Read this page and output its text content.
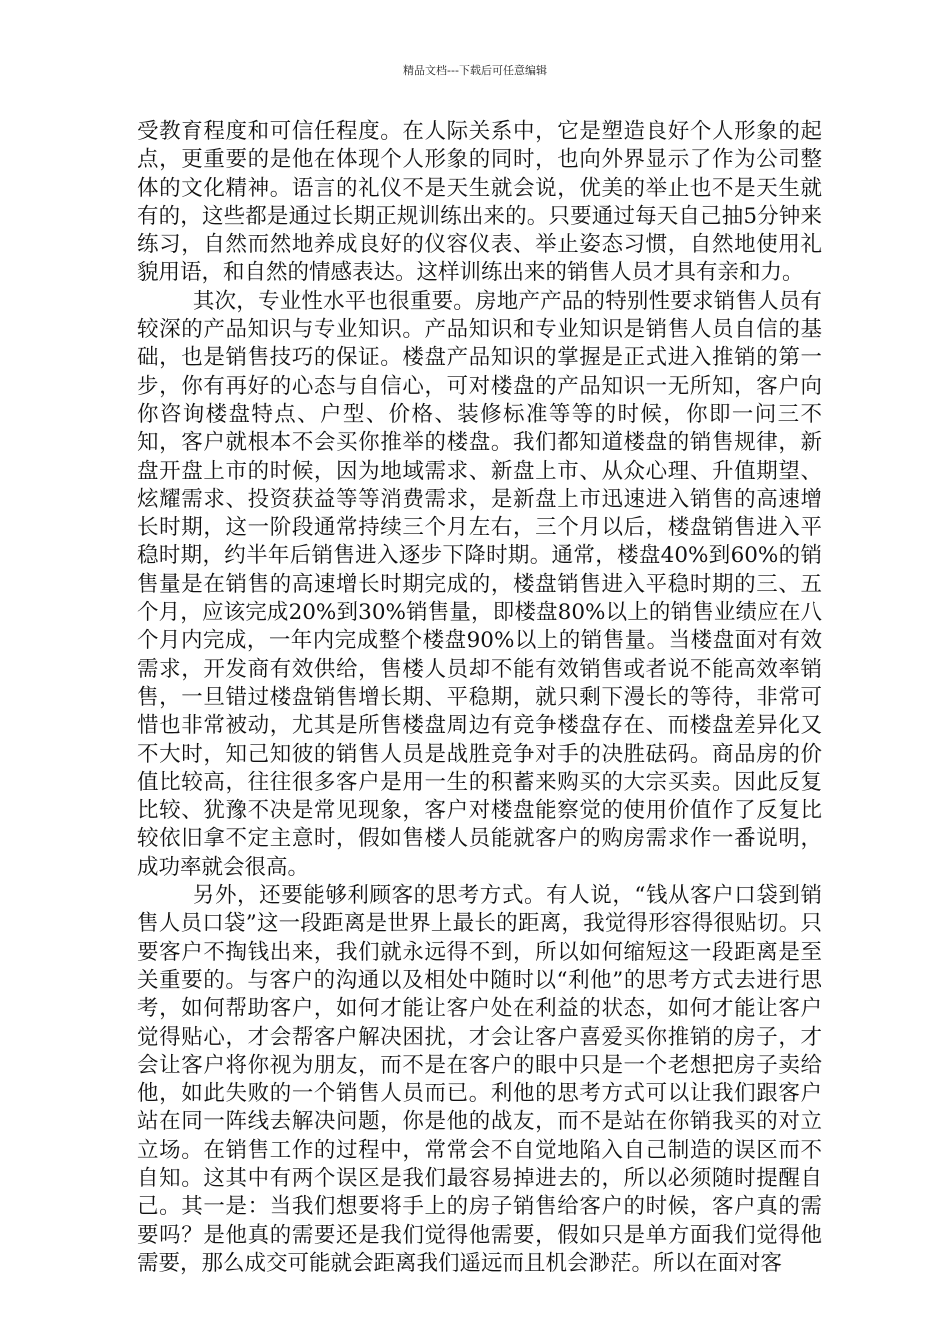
精品文档---下载后可任意编辑

受教育程度和可信任程度。在人际关系中，它是塑造良好个人形象的起点，更重要的是他在体现个人形象的同时，也向外界显示了作为公司整体的文化精神。语言的礼仪不是天生就会说，优美的举止也不是天生就有的，这些都是通过长期正规训练出来的。只要通过每天自己抽5分钟来练习，自然而然地养成良好的仪容仪表、举止姿态习惯，自然地使用礼貌用语，和自然的情感表达。这样训练出来的销售人员才具有亲和力。

其次，专业性水平也很重要。房地产产品的特别性要求销售人员有较深的产品知识与专业知识。产品知识和专业知识是销售人员自信的基础，也是销售技巧的保证。楼盘产品知识的掌握是正式进入推销的第一步，你有再好的心态与自信心，可对楼盘的产品知识一无所知，客户向你咨询楼盘特点、户型、价格、装修标准等等的时候，你即一问三不知，客户就根本不会买你推举的楼盘。我们都知道楼盘的销售规律，新盘开盘上市的时候，因为地域需求、新盘上市、从众心理、升值期望、炫耀需求、投资获益等等消费需求，是新盘上市迅速进入销售的高速增长时期，这一阶段通常持续三个月左右，三个月以后，楼盘销售进入平稳时期，约半年后销售进入逐步下降时期。通常，楼盘40%到60%的销售量是在销售的高速增长时期完成的，楼盘销售进入平稳时期的三、五个月，应该完成20%到30%销售量，即楼盘80%以上的销售业绩应在八个月内完成，一年内完成整个楼盘90%以上的销售量。当楼盘面对有效需求，开发商有效供给，售楼人员却不能有效销售或者说不能高效率销售，一旦错过楼盘销售增长期、平稳期，就只剩下漫长的等待，非常可惜也非常被动，尤其是所售楼盘周边有竞争楼盘存在、而楼盘差异化又不大时，知己知彼的销售人员是战胜竞争对手的决胜砝码。商品房的价值比较高，往往很多客户是用一生的积蓄来购买的大宗买卖。因此反复比较、犹豫不决是常见现象，客户对楼盘能察觉的使用价值作了反复比较依旧拿不定主意时，假如售楼人员能就客户的购房需求作一番说明，成功率就会很高。

另外，还要能够利顾客的思考方式。有人说，“钱从客户口袋到销售人员口袋”这一段距离是世界上最长的距离，我觉得形容得很贴切。只要客户不掏钱出来，我们就永远得不到，所以如何缩短这一段距离是至关重要的。与客户的沟通以及相处中随时以“利他”的思考方式去进行思考，如何帮助客户，如何才能让客户处在利益的状态，如何才能让客户觉得贴心，才会帮客户解决困扰，才会让客户喜爱买你推销的房子，才会让客户将你视为朋友，而不是在客户的眼中只是一个老想把房子卖给他，如此失败的一个销售人员而已。利他的思考方式可以让我们跟客户站在同一阵线去解决问题，你是他的战友，而不是站在你销我买的对立立场。在销售工作的过程中，常常会不自觉地陷入自己制造的误区而不自知。这其中有两个误区是我们最容易掉进去的，所以必须随时提醒自己。其一是：当我们想要将手上的房子销售给客户的时候，客户真的需要吗？是他真的需要还是我们觉得他需要，假如只是单方面我们觉得他需要，那么成交可能就会距离我们遥远而且机会渺茫。所以在面对客
